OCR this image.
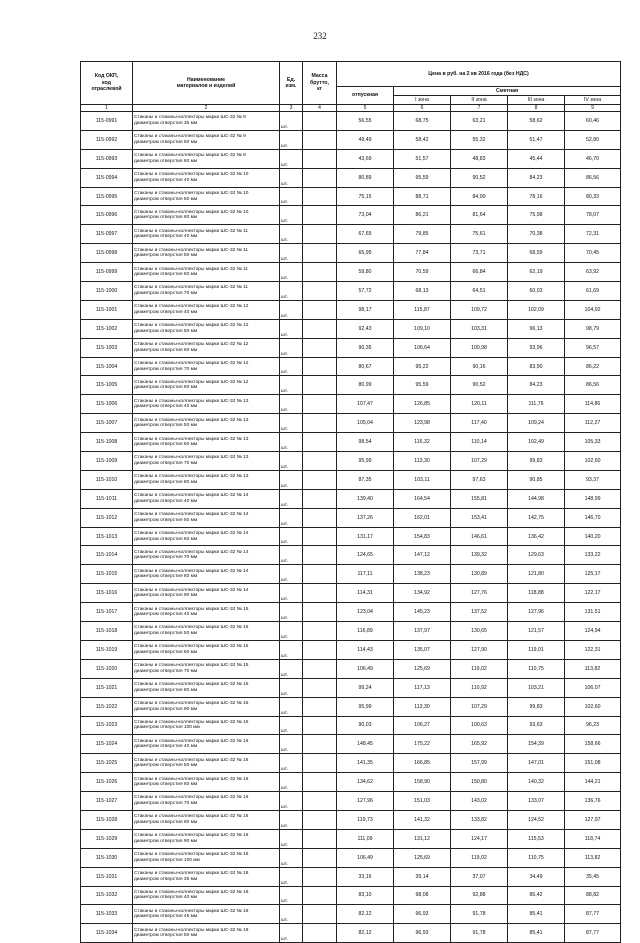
232
Код ОКП,
код
отраслевой	Наименование
материалов и изделий	Ед.
изм.	Масса
брутто,
кг	Цена в руб. на 2 кв 2016 года (без НДС)				
				отпускная	Сметная			
					I зона	II зона	III зона	IV зона
1	2	3	4	5	6	7	8	9
115-0991	Стаканы и стаканы-коллекторы марки ШС-32 № 9
диаметром отверстия 35 мм	шт.		56,55	68,75	63,21	58,62	60,46
115-0992	Стаканы и стаканы-коллекторы марки ШС-32 № 9
диаметром отверстия 50 мм	шт.		49,49	58,42	55,32	51,47	52,80
115-0993	Стаканы и стаканы-коллекторы марки ШС-32 № 9
диаметром отверстия 60 мм	шт.		43,69	51,57	48,83	45,44	46,70
115-0994	Стаканы и стаканы-коллекторы марки ШС-32 № 10
диаметром отверстия 40 мм	шт.		80,89	95,59	90,52	84,23	86,56
115-0995	Стаканы и стаканы-коллекторы марки ШС-32 № 10
диаметром отверстия 50 мм	шт.		75,15	88,71	84,00	78,16	80,33
115-0996	Стаканы и стаканы-коллекторы марки ШС-32 № 10
диаметром отверстия 60 мм	шт.		73,04	86,21	81,64	75,98	78,07
115-0997	Стаканы и стаканы-коллекторы марки ШС-32 № 11
диаметром отверстия 40 мм	шт.		67,65	79,85	75,61	70,38	72,31
115-0998	Стаканы и стаканы-коллекторы марки ШС-32 № 11
диаметром отверстия 50 мм	шт.		65,95	77,84	73,71	68,59	70,45
115-0999	Стаканы и стаканы-коллекторы марки ШС-32 № 11
диаметром отверстия 60 мм	шт.		59,80	70,59	66,84	62,19	63,92
115-1000	Стаканы и стаканы-коллекторы марки ШС-32 № 11
диаметром отверстия 70 мм	шт.		57,72	68,13	64,51	60,03	61,69
115-1001	Стаканы и стаканы-коллекторы марки ШС-32 № 12
диаметром отверстия 40 мм	шт.		98,17	115,87	109,72	102,09	104,92
115-1002	Стаканы и стаканы-коллекторы марки ШС-32 № 12
диаметром отверстия 50 мм	шт.		92,43	109,10	103,31	96,13	98,79
115-1003	Стаканы и стаканы-коллекторы марки ШС-32 № 12
диаметром отверстия 60 мм	шт.		90,35	106,64	100,98	93,96	96,57
115-1004	Стаканы и стаканы-коллекторы марки ШС-32 № 12
диаметром отверстия 70 мм	шт.		80,67	95,22	90,16	83,90	86,22
115-1005	Стаканы и стаканы-коллекторы марки ШС-32 № 12
диаметром отверстия 80 мм	шт.		80,99	95,59	90,52	84,23	86,56
115-1006	Стаканы и стаканы-коллекторы марки ШС-32 № 13
диаметром отверстия 40 мм	шт.		107,47	126,85	120,11	111,76	114,86
115-1007	Стаканы и стаканы-коллекторы марки ШС-32 № 13
диаметром отверстия 50 мм	шт.		105,04	123,98	117,40	109,24	112,27
115-1008	Стаканы и стаканы-коллекторы марки ШС-32 № 13
диаметром отверстия 60 мм	шт.		98,54	116,32	110,14	102,49	105,33
115-1009	Стаканы и стаканы-коллекторы марки ШС-32 № 13
диаметром отверстия 70 мм	шт.		95,99	113,30	107,29	99,83	102,60
115-1010	Стаканы и стаканы-коллекторы марки ШС-32 № 13
диаметром отверстия 80 мм	шт.		87,35	103,11	97,63	90,85	93,37
115-1011	Стаканы и стаканы-коллекторы марки ШС-32 № 14
диаметром отверстия 40 мм	шт.		139,40	164,54	155,81	144,98	148,99
115-1012	Стаканы и стаканы-коллекторы марки ШС-32 № 14
диаметром отверстия 50 мм	шт.		137,26	162,01	153,41	142,75	146,70
115-1013	Стаканы и стаканы-коллекторы марки ШС-32 № 14
диаметром отверстия 60 мм	шт.		131,17	154,83	146,61	136,42	140,20
115-1014	Стаканы и стаканы-коллекторы марки ШС-32 № 14
диаметром отверстия 70 мм	шт.		124,65	147,12	139,32	129,63	133,22
115-1015	Стаканы и стаканы-коллекторы марки ШС-32 № 14
диаметром отверстия 80 мм	шт.		117,11	138,23	130,89	121,80	125,17
115-1016	Стаканы и стаканы-коллекторы марки ШС-32 № 14
диаметром отверстия 90 мм	шт.		114,31	134,92	127,76	118,88	122,17
115-1017	Стаканы и стаканы-коллекторы марки ШС-32 № 15
диаметром отверстия 40 мм	шт.		123,04	145,23	137,52	127,96	131,51
115-1018	Стаканы и стаканы-коллекторы марки ШС-32 № 15
диаметром отверстия 50 мм	шт.		116,89	137,97	130,65	121,57	124,94
115-1019	Стаканы и стаканы-коллекторы марки ШС-32 № 15
диаметром отверстия 60 мм	шт.		114,43	135,07	127,90	119,01	122,31
115-1020	Стаканы и стаканы-коллекторы марки ШС-32 № 15
диаметром отверстия 70 мм	шт.		106,49	125,69	119,02	110,75	113,82
115-1021	Стаканы и стаканы-коллекторы марки ШС-32 № 15
диаметром отверстия 80 мм	шт.		99,24	117,13	110,92	103,21	106,07
115-1022	Стаканы и стаканы-коллекторы марки ШС-32 № 15
диаметром отверстия 90 мм	шт.		95,99	113,30	107,29	99,83	102,60
115-1023	Стаканы и стаканы-коллекторы марки ШС-32 № 15
диаметром отверстия 100 мм	шт.		90,03	106,27	100,63	93,63	96,23
115-1024	Стаканы и стаканы-коллекторы марки ШС-32 № 16
диаметром отверстия 40 мм	шт.		148,45	175,22	165,92	154,39	158,66
115-1025	Стаканы и стаканы-коллекторы марки ШС-32 № 16
диаметром отверстия 50 мм	шт.		141,35	166,85	157,99	147,01	151,08
115-1026	Стаканы и стаканы-коллекторы марки ШС-32 № 16
диаметром отверстия 60 мм	шт.		134,62	158,90	150,80	140,32	144,21
115-1027	Стаканы и стаканы-коллекторы марки ШС-32 № 16
диаметром отверстия 70 мм	шт.		127,96	151,03	143,02	133,07	136,76
115-1028	Стаканы и стаканы-коллекторы марки ШС-32 № 16
диаметром отверстия 80 мм	шт.		119,73	141,32	133,82	124,52	127,97
115-1029	Стаканы и стаканы-коллекторы марки ШС-32 № 16
диаметром отверстия 90 мм	шт.		111,09	131,12	124,17	115,53	118,74
115-1030	Стаканы и стаканы-коллекторы марки ШС-32 № 16
диаметром отверстия 100 мм	шт.		106,49	125,69	119,02	110,75	113,82
115-1031	Стаканы и стаканы-коллекторы марки ШС-32 № 18
диаметром отверстия 35 мм	шт.		33,16	39,14	37,07	34,49	35,45
115-1032	Стаканы и стаканы-коллекторы марки ШС-32 № 18
диаметром отверстия 40 мм	шт.		83,10	98,08	92,88	86,42	88,82
115-1033	Стаканы и стаканы-коллекторы марки ШС-32 № 18
диаметром отверстия 45 мм	шт.		82,12	96,93	91,78	85,41	87,77
115-1034	Стаканы и стаканы-коллекторы марки ШС-32 № 18
диаметром отверстия 50 мм	шт.		82,12	96,93	91,78	85,41	87,77
